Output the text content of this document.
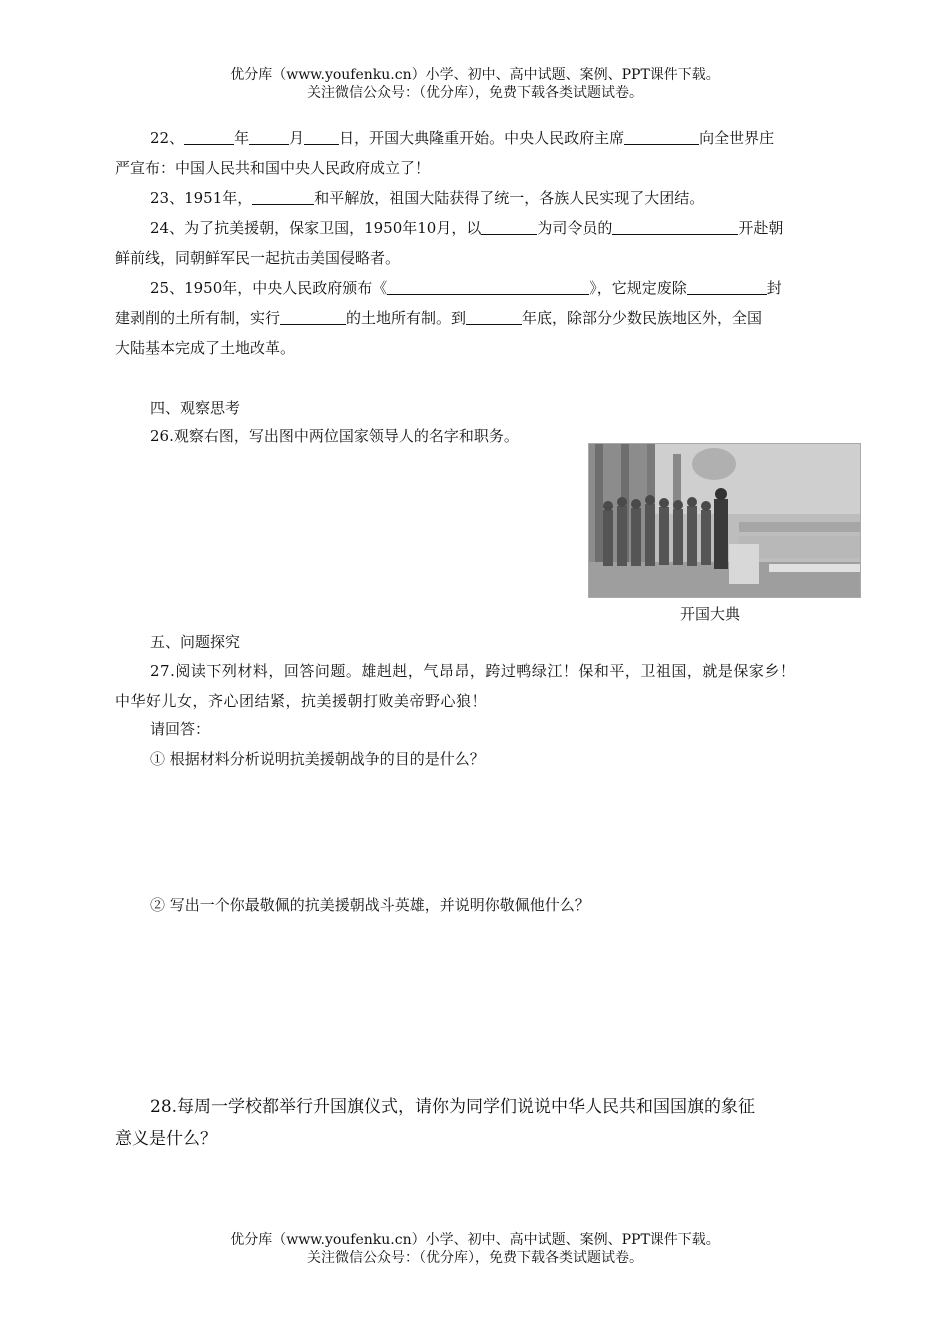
优分库（www.youfenku.cn）小学、初中、高中试题、案例、PPT课件下载。
关注微信公众号：（优分库），免费下载各类试题试卷。
22、	年	月 日，开国大典隆重开始。中央人民政府主席	向全世界庄
严宣布：中国人民共和国中央人民政府成立了！
23、1951年，	和平解放，祖国大陆获得了统一，各族人民实现了大团结。
24、为了抗美援朝，保家卫国，1950年10月，以	为司令员的	开赴朝
鲜前线，同朝鲜军民一起抗击美国侵略者。
25、1950年，中央人民政府颁布《	》，它规定废除	封
建剥削的土所有制，实行	的土地所有制。到	年底，除部分少数民族地区外，全国
大陆基本完成了土地改革。
四、观察思考
26.观察右图，写出图中两位国家领导人的名字和职务。
开国大典
五、问题探究
27.阅读下列材料，回答问题。雄赳赳，气昂昂，跨过鸭绿江！保和平，卫祖国，就是保家乡！
中华好儿女，齐心团结紧，抗美援朝打败美帝野心狼！
请回答：
① 根据材料分析说明抗美援朝战争的目的是什么？
② 写出一个你最敬佩的抗美援朝战斗英雄，并说明你敬佩他什么？
28.每周一学校都举行升国旗仪式，请你为同学们说说中华人民共和国国旗的象征
意义是什么？
优分库（www.youfenku.cn）小学、初中、高中试题、案例、PPT课件下载。
关注微信公众号：（优分库），免费下载各类试题试卷。
